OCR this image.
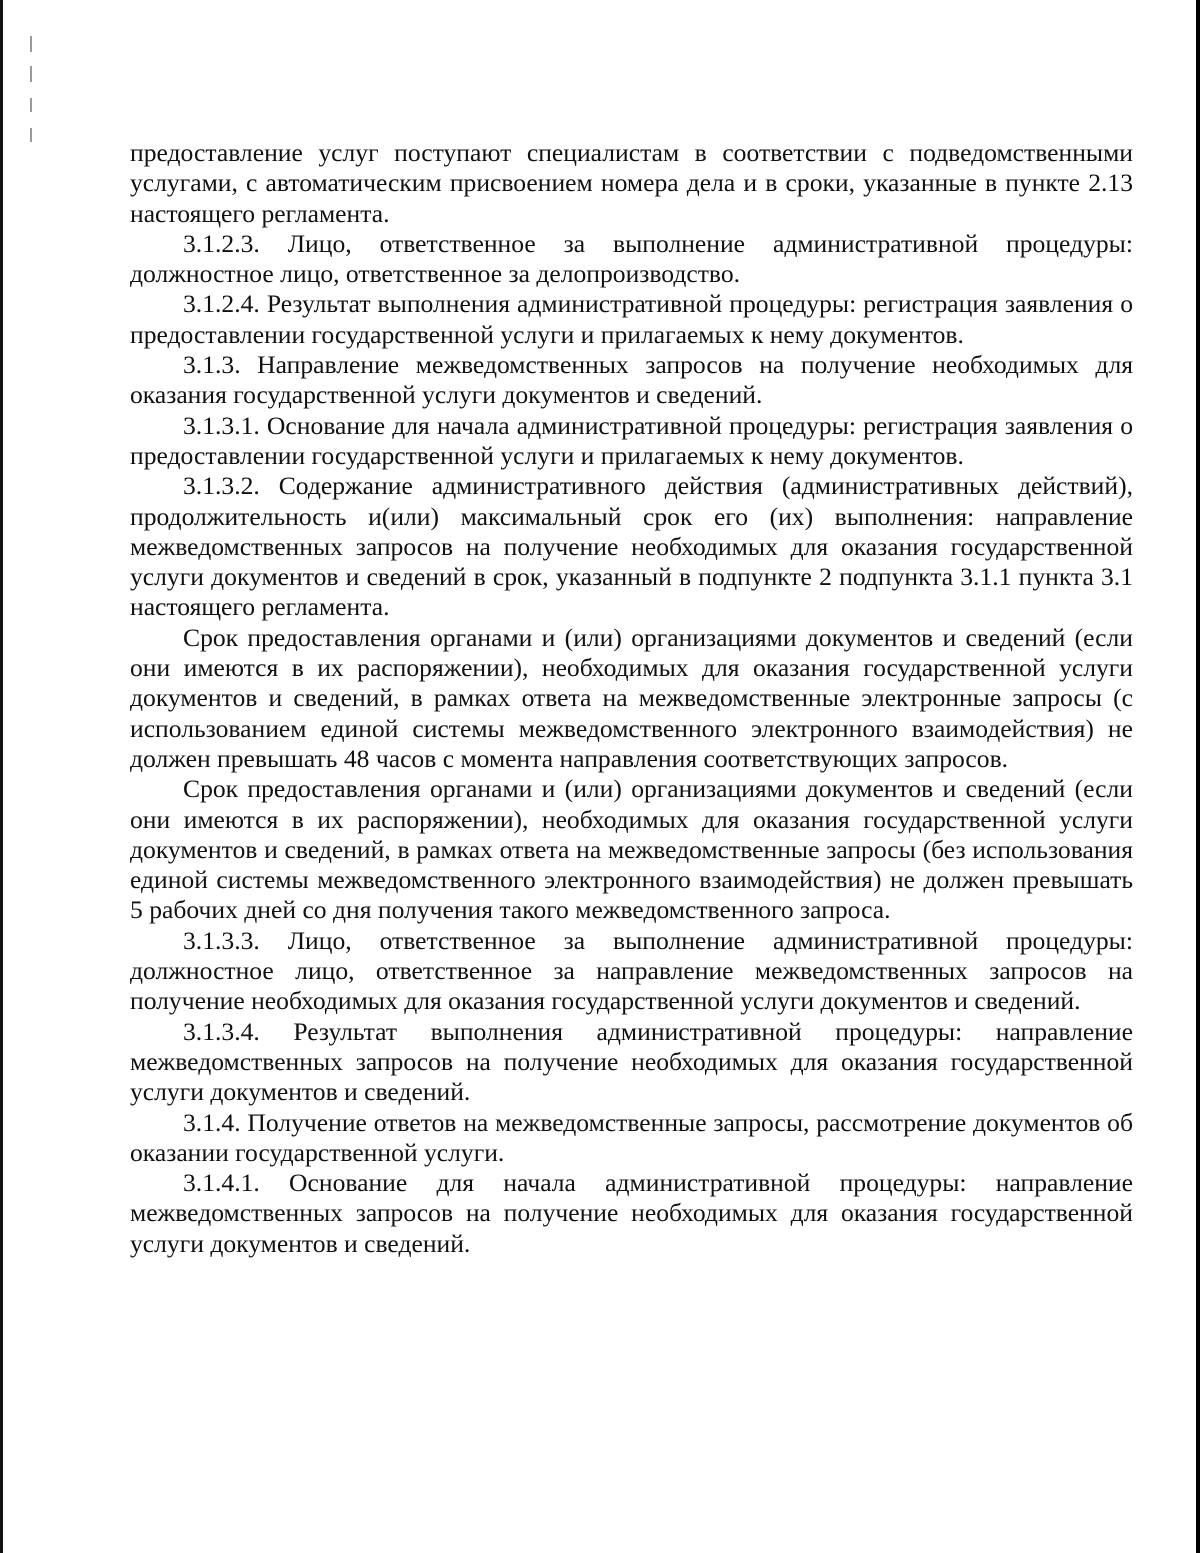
предоставление услуг поступают специалистам в соответствии с подведомственными услугами, с автоматическим присвоением номера дела и в сроки, указанные в пункте 2.13 настоящего регламента.

3.1.2.3. Лицо, ответственное за выполнение административной процедуры: должностное лицо, ответственное за делопроизводство.

3.1.2.4. Результат выполнения административной процедуры: регистрация заявления о предоставлении государственной услуги и прилагаемых к нему документов.

3.1.3. Направление межведомственных запросов на получение необходимых для оказания государственной услуги документов и сведений.

3.1.3.1. Основание для начала административной процедуры: регистрация заявления о предоставлении государственной услуги и прилагаемых к нему документов.

3.1.3.2. Содержание административного действия (административных действий), продолжительность и(или) максимальный срок его (их) выполнения: направление межведомственных запросов на получение необходимых для оказания государственной услуги документов и сведений в срок, указанный в подпункте 2 подпункта 3.1.1 пункта 3.1 настоящего регламента.

Срок предоставления органами и (или) организациями документов и сведений (если они имеются в их распоряжении), необходимых для оказания государственной услуги документов и сведений, в рамках ответа на межведомственные электронные запросы (с использованием единой системы межведомственного электронного взаимодействия) не должен превышать 48 часов с момента направления соответствующих запросов.

Срок предоставления органами и (или) организациями документов и сведений (если они имеются в их распоряжении), необходимых для оказания государственной услуги документов и сведений, в рамках ответа на межведомственные запросы (без использования единой системы межведомственного электронного взаимодействия) не должен превышать 5 рабочих дней со дня получения такого межведомственного запроса.

3.1.3.3. Лицо, ответственное за выполнение административной процедуры: должностное лицо, ответственное за направление межведомственных запросов на получение необходимых для оказания государственной услуги документов и сведений.

3.1.3.4. Результат выполнения административной процедуры: направление межведомственных запросов на получение необходимых для оказания государственной услуги документов и сведений.

3.1.4. Получение ответов на межведомственные запросы, рассмотрение документов об оказании государственной услуги.

3.1.4.1. Основание для начала административной процедуры: направление межведомственных запросов на получение необходимых для оказания государственной услуги документов и сведений.
